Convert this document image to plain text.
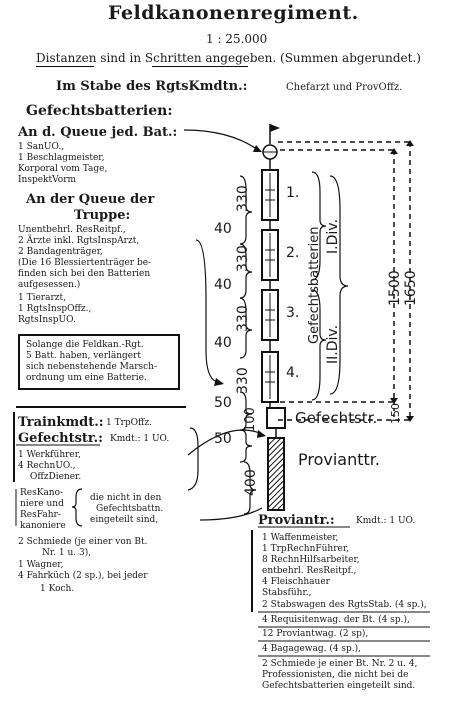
Feldkanonenregiment.
1 : 25.000
Distanzen sind in Schritten angegeben. (Summen abgerundet.)
Im Stabe des RgtsKmdtn.:	Chefarzt und ProvOffz.
Gefechtsbatterien:
An d. Queue jed. Bat.:
1 SanUO.,
1 Beschlagmeister,
Korporal vom Tage,
InspektVorm
An der Queue der
Truppe:
Unentbehrl. ResReitpf.,
2 Ärzte inkl. RgtsInspArzt,
2 Bandagenträger,
(Die 16 Blessiertenträger be-
finden sich bei den Batterien
aufgesessen.)
1 Tierarzt,
1 RgtsInspOffz.,
RgtsInspUO.
Solange die Feldkan.-Rgt.
5 Batt. haben, verlängert
sich nebenstehende Marsch-
ordnung um eine Batterie.
Trainkmdt.: 1 TrpOffz.
Gefechtstr.: Kmdt.: 1 UO.
1 Werkführer,
4 RechnUO.,
OffzDiener.
ResKano-
niere und
ResFahr-
kanoniere
die nicht in den
Gefechtsbattn.
eingeteilt sind,
2 Schmiede (je einer von Bt.
Nr. 1 u. 3),
1 Wagner,
4 Fahrküch (2 sp.), bei jeder
1 Koch.
Proviantr.: Kmdt.: 1 UO.
1 Waffenmeister,
1 TrpRechnFührer,
8 RechnHilfsarbeiter,
entbehrl. ResReitpf.,
4 Fleischhauer
Stabsführ.,
2 Stabswagen des RgtsStab. (4 sp.),
4 Requisitenwag. der Bt. (4 sp.),
12 Proviantwag. (2 sp),
4 Bagagewag. (4 sp.),
2 Schmiede je einer Bt. Nr. 2 u. 4,
Professionisten, die nicht bei de
Gefechtsbatterien eingeteilt sind.
330
330
330
330
1.
2.
3.
4.
40
40
40
50
50
100 Gefechtstr.
400
Provianttr.
Gefechtsbatterien I.Div.
II.Div.
1500 1650
150
